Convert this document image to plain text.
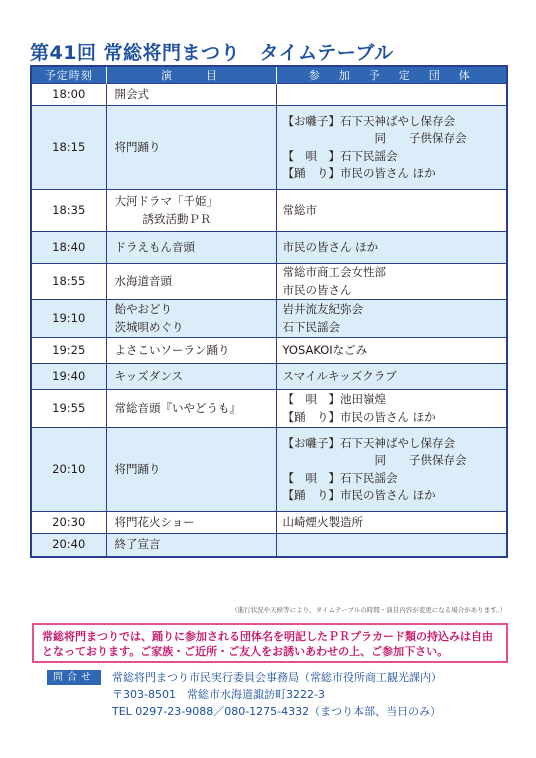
第41回 常総将門まつり　タイムテーブル
予定時刻	演　　目	参　加　予　定　団　体
18:00	開会式	

18:15	将門踊り	【お囃子】石下天神ばやし保存会
同　　子供保存会
【　唄　】石下民謡会
【踊　り】市民の皆さん ほか

18:35	大河ドラマ「千姫」
誘致活動ＰＲ	常総市

18:40	ドラえもん音頭	市民の皆さん ほか

18:55	水海道音頭	常総市商工会女性部
市民の皆さん

19:10	飴やおどり
茨城唄めぐり	岩井流友紀弥会
石下民謡会

19:25	よさこいソーラン踊り	YOSAKOIなごみ

19:40	キッズダンス	スマイルキッズクラブ

19:55	常総音頭『いやどうも』	【　唄　】池田嶺煌
【踊　り】市民の皆さん ほか

20:10	将門踊り	【お囃子】石下天神ばやし保存会
同　　子供保存会
【　唄　】石下民謡会
【踊　り】市民の皆さん ほか

20:30	将門花火ショー	山崎煙火製造所

20:40	終了宣言	

（進行状況や天候等により、タイムテーブルの時間・演目内容が変更になる場合があります。）
常総将門まつりでは、踊りに参加される団体名を明記したＰＲプラカード類の持込みは自由となっております。ご家族・ご近所・ご友人をお誘いあわせの上、ご参加下さい。
問合せ	常総将門まつり市民実行委員会事務局（常総市役所商工観光課内）
〒303-8501　常総市水海道諏訪町3222-3
TEL 0297-23-9088／080-1275-4332（まつり本部、当日のみ）
